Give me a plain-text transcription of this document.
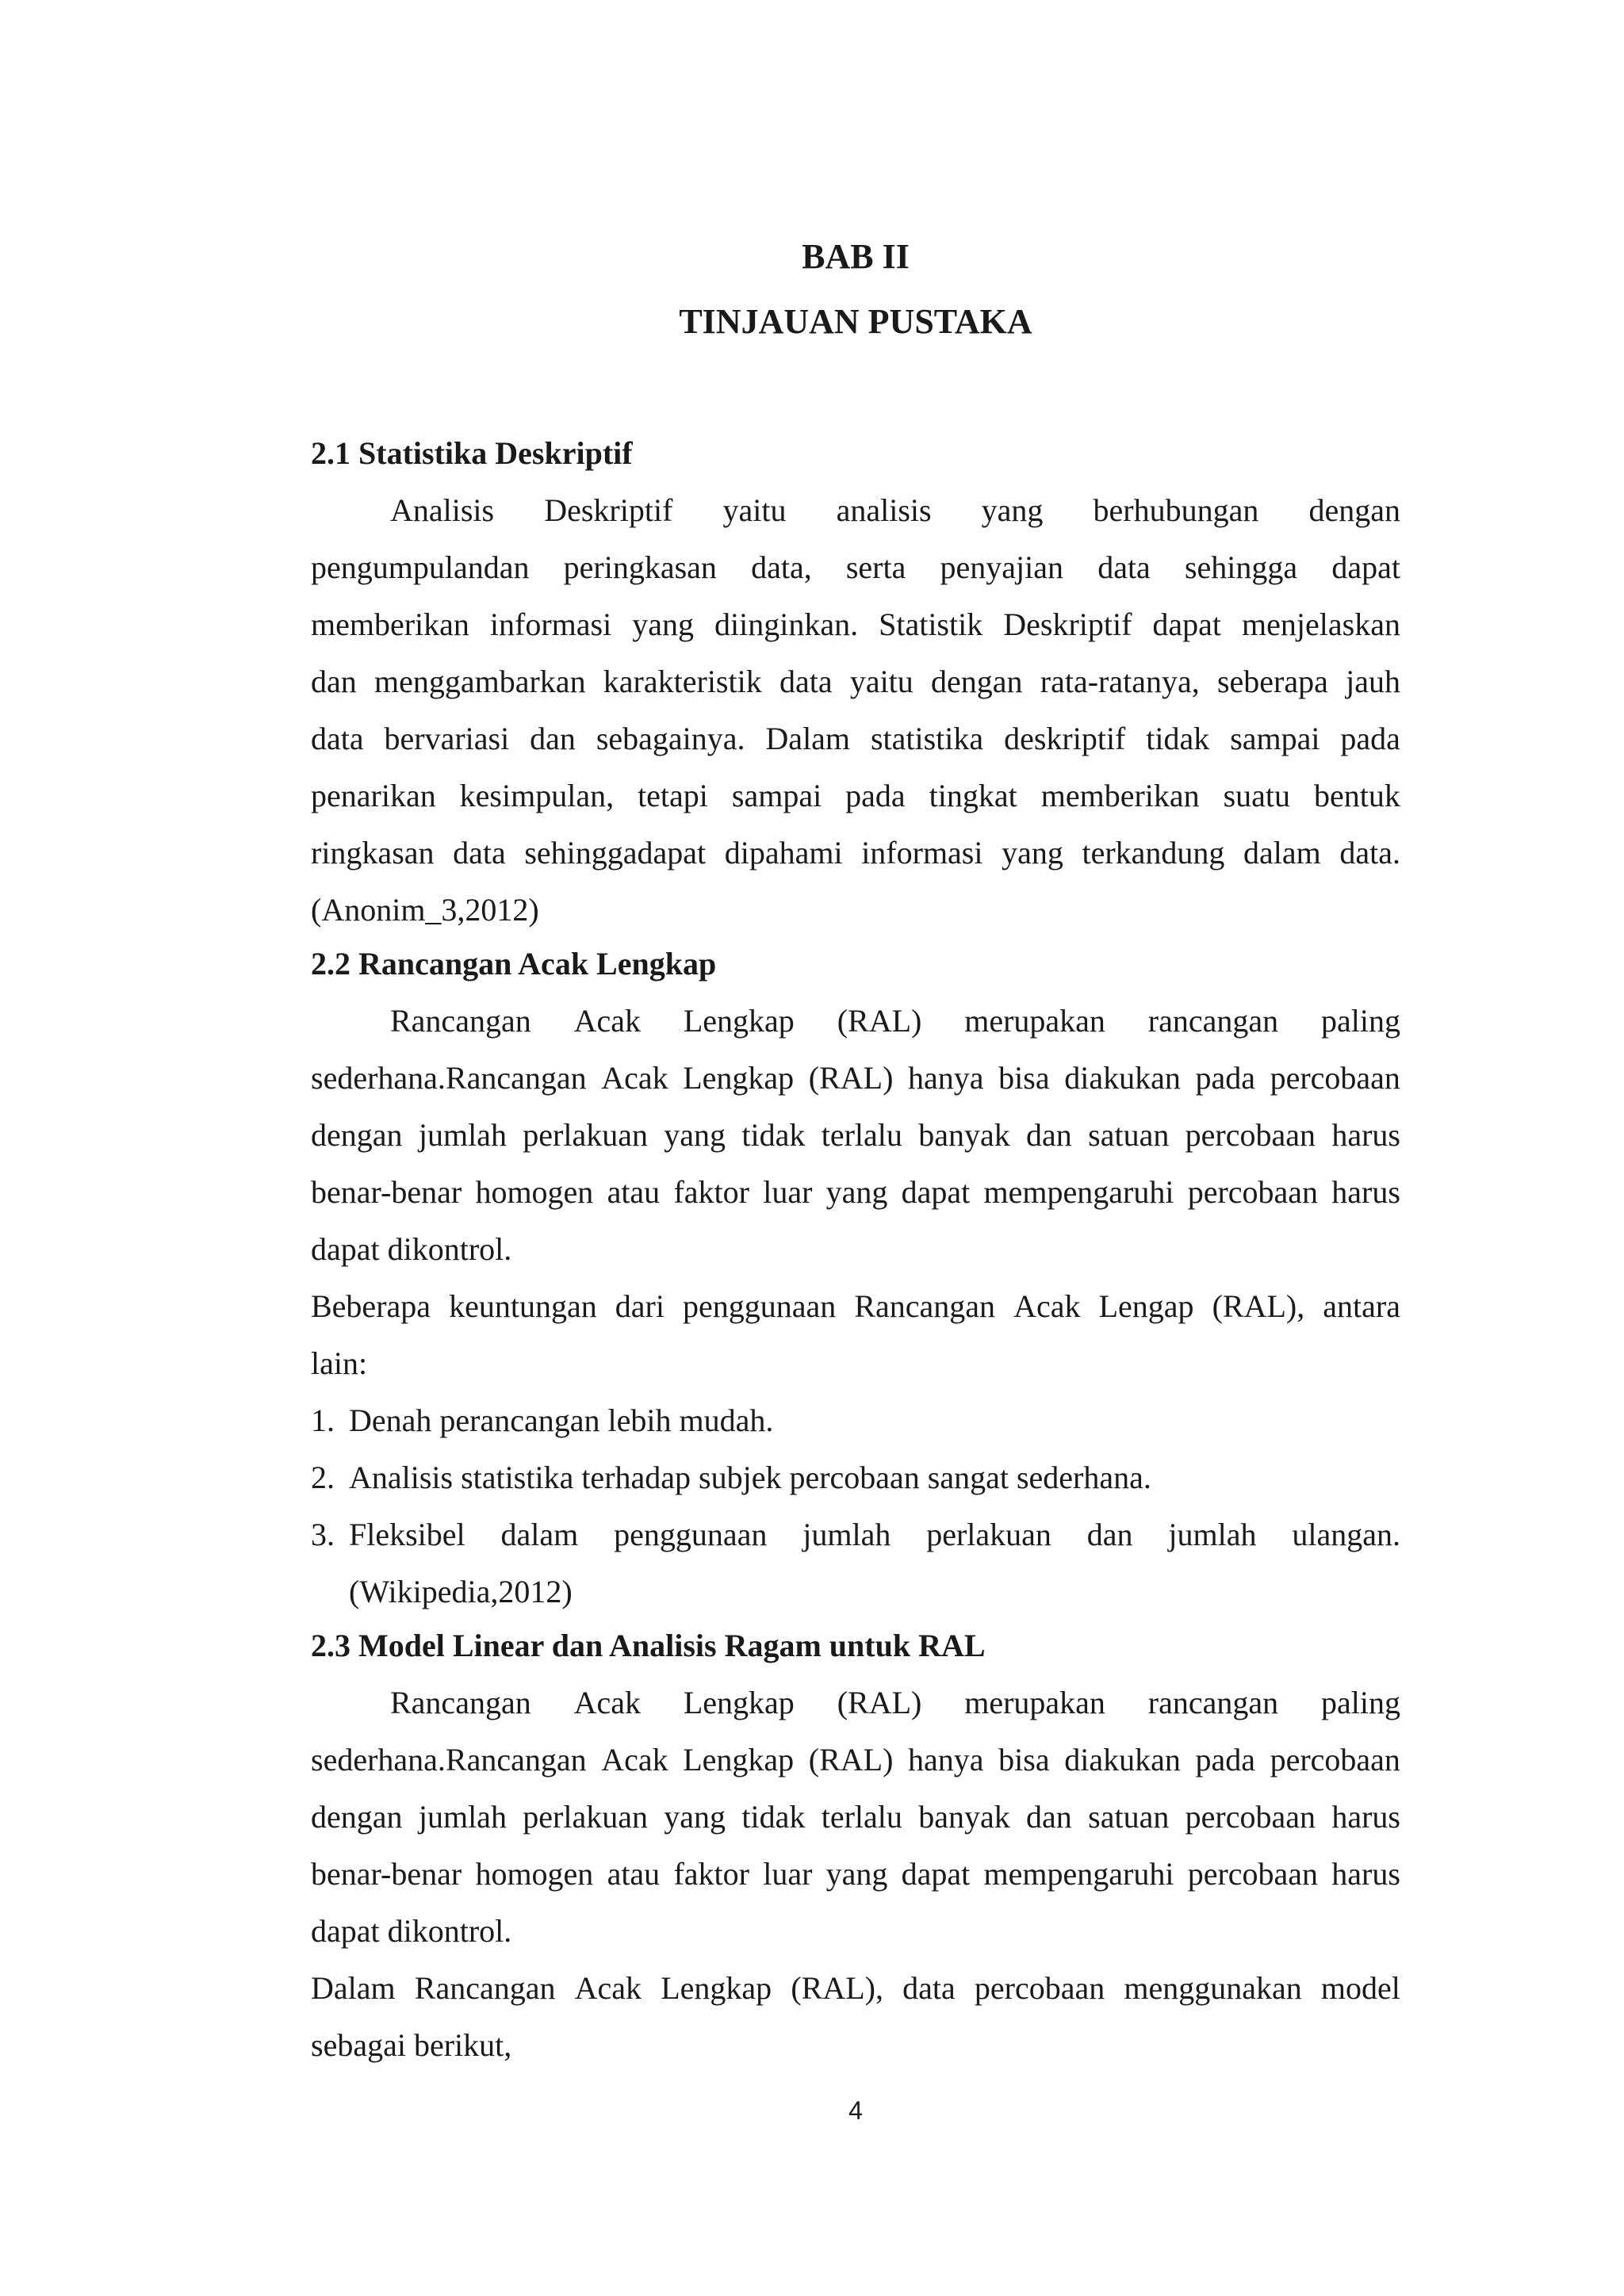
BAB II
TINJAUAN PUSTAKA
2.1 Statistika Deskriptif
Analisis Deskriptif yaitu analisis yang berhubungan dengan
pengumpulandan peringkasan data, serta penyajian data sehingga dapat
memberikan informasi yang diinginkan. Statistik Deskriptif dapat menjelaskan
dan menggambarkan karakteristik data yaitu dengan rata-ratanya, seberapa jauh
data bervariasi dan sebagainya. Dalam statistika deskriptif tidak sampai pada
penarikan kesimpulan, tetapi sampai pada tingkat memberikan suatu bentuk
ringkasan data sehinggadapat dipahami informasi yang terkandung dalam data.
(Anonim_3,2012)
2.2 Rancangan Acak Lengkap
Rancangan Acak Lengkap (RAL) merupakan rancangan paling
sederhana.Rancangan Acak Lengkap (RAL) hanya bisa diakukan pada percobaan
dengan jumlah perlakuan yang tidak terlalu banyak dan satuan percobaan harus
benar-benar homogen atau faktor luar yang dapat mempengaruhi percobaan harus
dapat dikontrol.
Beberapa keuntungan dari penggunaan Rancangan Acak Lengap (RAL), antara
lain:
1. Denah perancangan lebih mudah.
2. Analisis statistika terhadap subjek percobaan sangat sederhana.
3. Fleksibel dalam penggunaan jumlah perlakuan dan jumlah ulangan.
(Wikipedia,2012)
2.3 Model Linear dan Analisis Ragam untuk RAL
Rancangan Acak Lengkap (RAL) merupakan rancangan paling
sederhana.Rancangan Acak Lengkap (RAL) hanya bisa diakukan pada percobaan
dengan jumlah perlakuan yang tidak terlalu banyak dan satuan percobaan harus
benar-benar homogen atau faktor luar yang dapat mempengaruhi percobaan harus
dapat dikontrol.
Dalam Rancangan Acak Lengkap (RAL), data percobaan menggunakan model
sebagai berikut,
4
